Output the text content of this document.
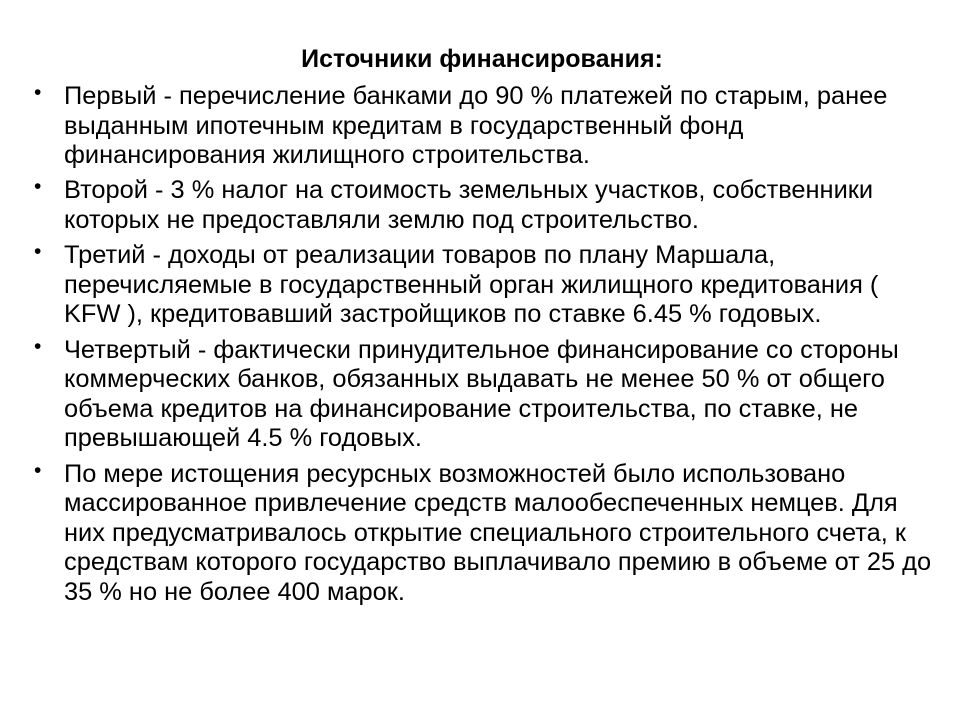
Источники финансирования:
• Первый - перечисление банками до 90 % платежей по старым, ранее выданным ипотечным кредитам в государственный фонд финансирования жилищного строительства.
• Второй - 3 % налог на стоимость земельных участков, собственники которых не предоставляли землю под строительство.
• Третий - доходы от реализации товаров по плану Маршала, перечисляемые в государственный орган жилищного кредитования ( KFW ), кредитовавший застройщиков по ставке 6.45 % годовых.
• Четвертый - фактически принудительное финансирование со стороны коммерческих банков, обязанных выдавать не менее 50 % от общего объема кредитов на финансирование строительства, по ставке, не превышающей 4.5 % годовых.
• По мере истощения ресурсных возможностей было использовано массированное привлечение средств малообеспеченных немцев. Для них предусматривалось открытие специального строительного счета, к средствам которого государство выплачивало премию в объеме от 25 до 35 % но не более 400 марок.
